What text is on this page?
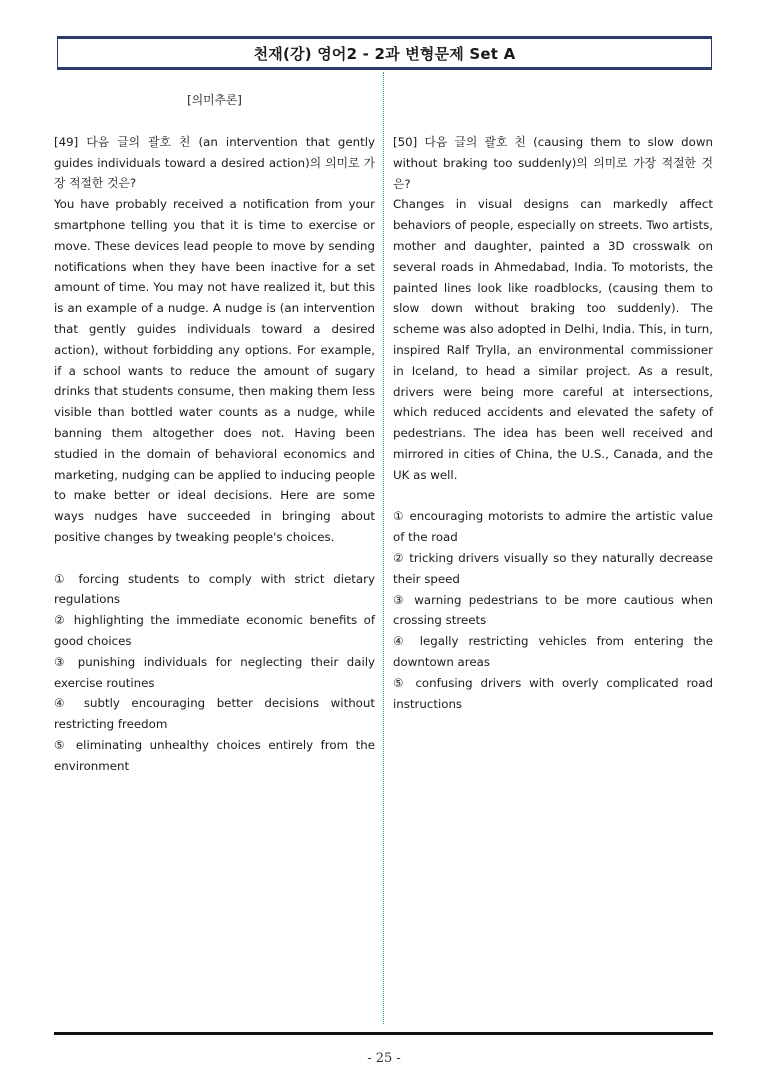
천재(강) 영어2 - 2과 변형문제 Set A
[의미추론]

[49] 다음 글의 괄호 친 (an intervention that gently guides individuals toward a desired action)의 의미로 가장 적절한 것은?

You have probably received a notification from your smartphone telling you that it is time to exercise or move. These devices lead people to move by sending notifications when they have been inactive for a set amount of time. You may not have realized it, but this is an example of a nudge. A nudge is (an intervention that gently guides individuals toward a desired action), without forbidding any options. For example, if a school wants to reduce the amount of sugary drinks that students consume, then making them less visible than bottled water counts as a nudge, while banning them altogether does not. Having been studied in the domain of behavioral economics and marketing, nudging can be applied to inducing people to make better or ideal decisions. Here are some ways nudges have succeeded in bringing about positive changes by tweaking people's choices.

① forcing students to comply with strict dietary regulations

② highlighting the immediate economic benefits of good choices

③ punishing individuals for neglecting their daily exercise routines

④ subtly encouraging better decisions without restricting freedom

⑤ eliminating unhealthy choices entirely from the environment

[50] 다음 글의 괄호 친 (causing them to slow down without braking too suddenly)의 의미로 가장 적절한 것은?

Changes in visual designs can markedly affect behaviors of people, especially on streets. Two artists, mother and daughter, painted a 3D crosswalk on several roads in Ahmedabad, India. To motorists, the painted lines look like roadblocks, (causing them to slow down without braking too suddenly). The scheme was also adopted in Delhi, India. This, in turn, inspired Ralf Trylla, an environmental commissioner in Iceland, to head a similar project. As a result, drivers were being more careful at intersections, which reduced accidents and elevated the safety of pedestrians. The idea has been well received and mirrored in cities of China, the U.S., Canada, and the UK as well.

① encouraging motorists to admire the artistic value of the road

② tricking drivers visually so they naturally decrease their speed

③ warning pedestrians to be more cautious when crossing streets

④ legally restricting vehicles from entering the downtown areas

⑤ confusing drivers with overly complicated road instructions

- 25 -
